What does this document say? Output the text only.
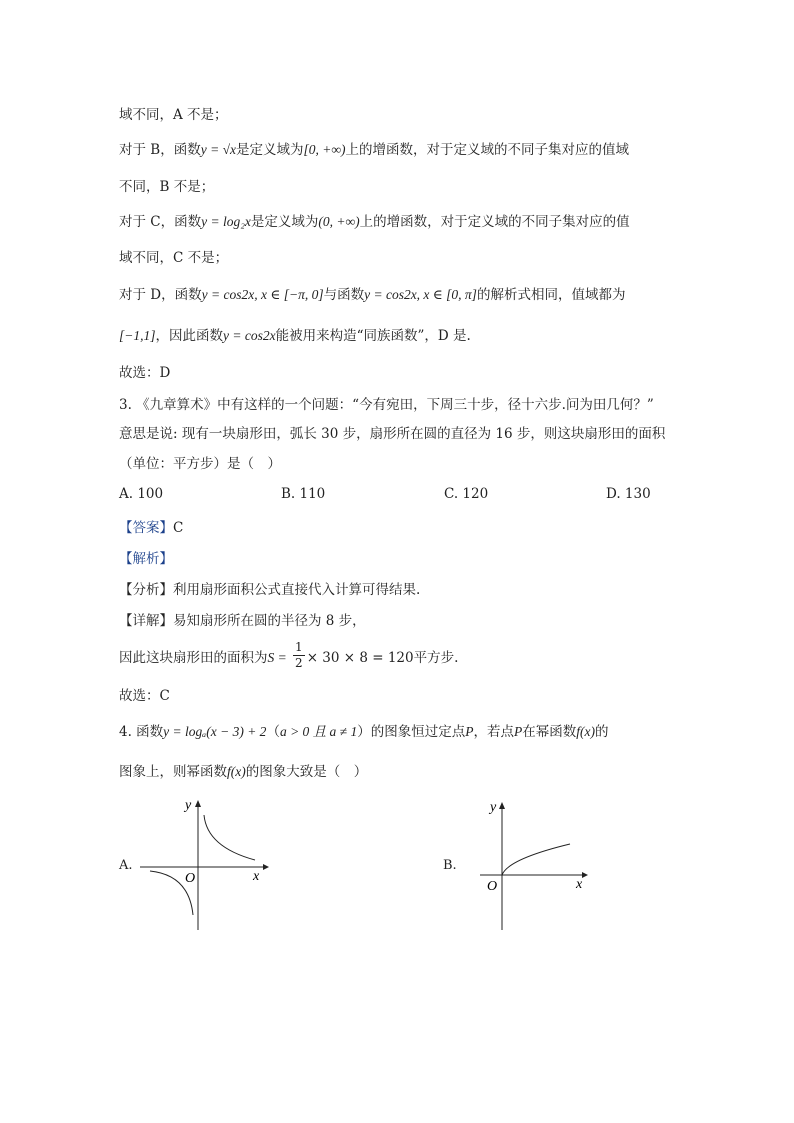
域不同，A 不是；
对于 B，函数y = √x是定义域为[0, +∞)上的增函数，对于定义域的不同子集对应的值域
不同，B 不是；
对于 C，函数y = log₂x是定义域为(0, +∞)上的增函数，对于定义域的不同子集对应的值
域不同，C 不是；
对于 D，函数y = cos2x, x ∈ [−π, 0]与函数y = cos2x, x ∈ [0, π]的解析式相同，值域都为
[−1,1]，因此函数y = cos2x能被用来构造“同族函数”，D 是.
故选：D
3. 《九章算术》中有这样的一个问题：“今有宛田，下周三十步，径十六步.问为田几何？”
意思是说: 现有一块扇形田，弧长 30 步，扇形所在圆的直径为 16 步，则这块扇形田的面积
（单位：平方步）是（　）
A. 100	B. 110	C. 120	D. 130
【答案】C
【解析】
【分析】利用扇形面积公式直接代入计算可得结果.
【详解】易知扇形所在圆的半径为 8 步，
因此这块扇形田的面积为$S = \frac{1}{2} \times 30 \times 8 = 120$平方步.
故选：C
4. 函数y = logₐ(x − 3) + 2（a > 0 且 a ≠ 1）的图象恒过定点P，若点P在幂函数f(x)的
图象上，则幂函数f(x)的图象大致是（　）
A.
y
x
O
B.
y
x
O
